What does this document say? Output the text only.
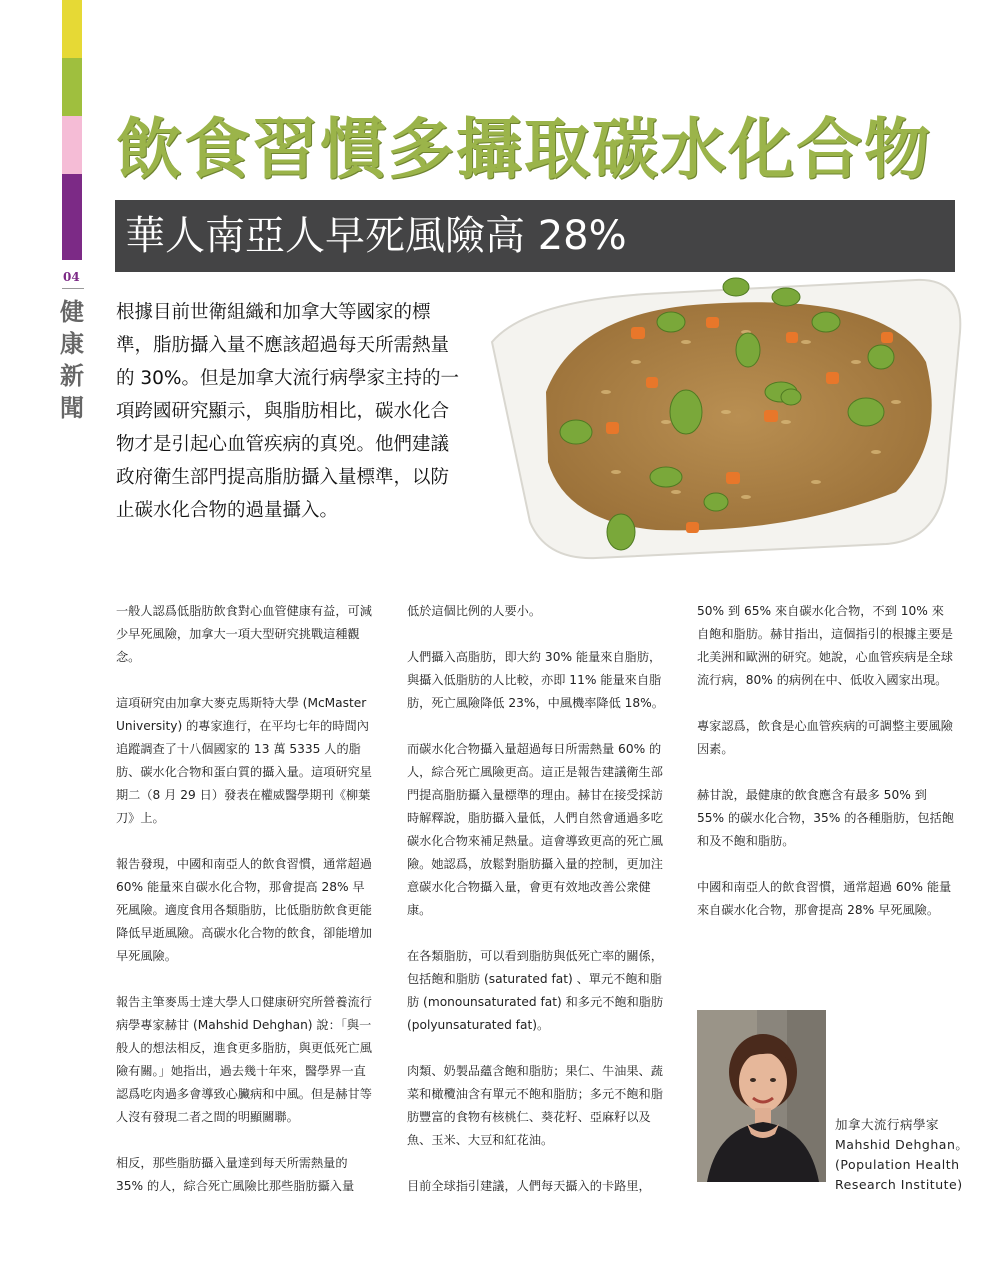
04
健
康
新
聞
飲食習慣多攝取碳水化合物
華人南亞人早死風險高 28%
根據目前世衛組織和加拿大等國家的標準，脂肪攝入量不應該超過每天所需熱量的 30%。但是加拿大流行病學家主持的一項跨國研究顯示，與脂肪相比，碳水化合物才是引起心血管疾病的真兇。他們建議政府衛生部門提高脂肪攝入量標準，以防止碳水化合物的過量攝入。

一般人認爲低脂肪飲食對心血管健康有益，可減少早死風險，加拿大一項大型研究挑戰這種觀念。

這項研究由加拿大麥克馬斯特大學 (McMaster University) 的專家進行，在平均七年的時間內追蹤調查了十八個國家的 13 萬 5335 人的脂肪、碳水化合物和蛋白質的攝入量。這項研究星期二（8 月 29 日）發表在權威醫學期刊《柳葉刀》上。

報告發現，中國和南亞人的飲食習慣，通常超過 60% 能量來自碳水化合物，那會提高 28% 早死風險。適度食用各類脂肪，比低脂肪飲食更能降低早逝風險。高碳水化合物的飲食，卻能增加早死風險。

報告主筆麥馬士達大學人口健康研究所營養流行病學專家赫甘 (Mahshid Dehghan) 說：「與一般人的想法相反，進食更多脂肪，與更低死亡風險有關。」她指出，過去幾十年來，醫學界一直認爲吃肉過多會導致心臟病和中風。但是赫甘等人沒有發現二者之間的明顯關聯。

相反，那些脂肪攝入量達到每天所需熱量的 35% 的人，綜合死亡風險比那些脂肪攝入量

低於這個比例的人要小。

人們攝入高脂肪，即大約 30% 能量來自脂肪，與攝入低脂肪的人比較，亦即 11% 能量來自脂肪，死亡風險降低 23%，中風機率降低 18%。

而碳水化合物攝入量超過每日所需熱量 60% 的人，綜合死亡風險更高。這正是報告建議衛生部門提高脂肪攝入量標準的理由。赫甘在接受採訪時解釋說，脂肪攝入量低，人們自然會通過多吃碳水化合物來補足熱量。這會導致更高的死亡風險。她認爲，放鬆對脂肪攝入量的控制，更加注意碳水化合物攝入量，會更有效地改善公衆健康。

在各類脂肪，可以看到脂肪與低死亡率的關係，包括飽和脂肪 (saturated fat) 、單元不飽和脂肪 (monounsaturated fat) 和多元不飽和脂肪 (polyunsaturated fat)。

肉類、奶製品蘊含飽和脂肪；果仁、牛油果、蔬菜和橄欖油含有單元不飽和脂肪；多元不飽和脂肪豐富的食物有核桃仁、葵花籽、亞麻籽以及魚、玉米、大豆和紅花油。

目前全球指引建議，人們每天攝入的卡路里，

50% 到 65% 來自碳水化合物，不到 10% 來自飽和脂肪。赫甘指出，這個指引的根據主要是北美洲和歐洲的研究。她說，心血管疾病是全球流行病，80% 的病例在中、低收入國家出現。

專家認爲，飲食是心血管疾病的可調整主要風險因素。

赫甘說，最健康的飲食應含有最多 50% 到 55% 的碳水化合物，35% 的各種脂肪，包括飽和及不飽和脂肪。

中國和南亞人的飲食習慣，通常超過 60% 能量來自碳水化合物，那會提高 28% 早死風險。

加拿大流行病學家
Mahshid Dehghan。
(Population Health
Research Institute)
